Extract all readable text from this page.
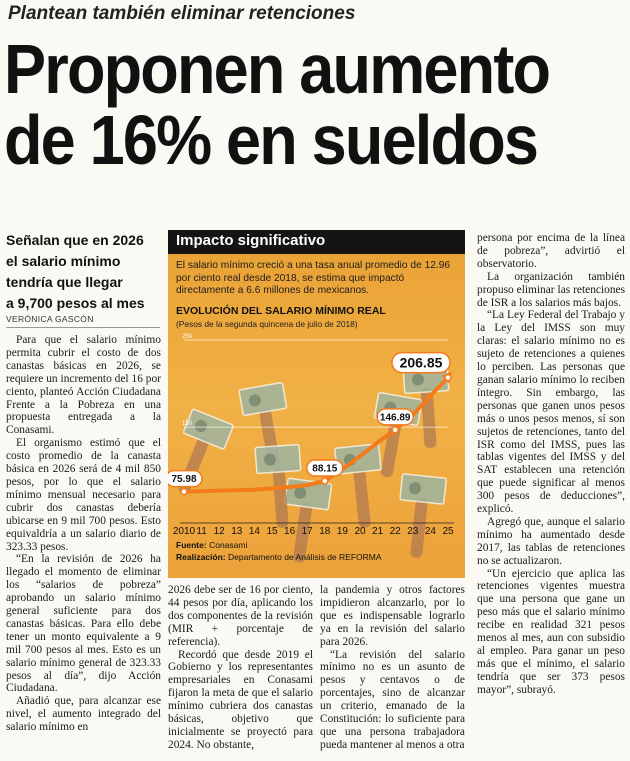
Plantean también eliminar retenciones
Proponen aumento
de 16% en sueldos
Señalan que en 2026
el salario mínimo
tendría que llegar
a 9,700 pesos al mes
VERÓNICA GASCÓN

Para que el salario mínimo permita cubrir el costo de dos canastas básicas en 2026, se requiere un incremento del 16 por ciento, planteó Acción Ciudadana Frente a la Pobreza en una propuesta entregada a la Conasami.

El organismo estimó que el costo promedio de la canasta básica en 2026 será de 4 mil 850 pesos, por lo que el salario mínimo mensual necesario para cubrir dos canastas debería ubicarse en 9 mil 700 pesos. Esto equivaldría a un salario diario de 323.33 pesos.

“En la revisión de 2026 ha llegado el momento de eliminar los “salarios de pobreza” aprobando un salario mínimo general suficiente para dos canastas básicas. Para ello debe tener un monto equivalente a 9 mil 700 pesos al mes. Esto es un salario mínimo general de 323.33 pesos al día”, dijo Acción Ciudadana.

Añadió que, para alcanzar ese nivel, el aumento integrado del salario mínimo en

Impacto significativo
El salario mínimo creció a una tasa anual promedio de 12.96 por ciento real desde 2018, se estima que impactó directamente a 6.6 millones de mexicanos.
EVOLUCIÓN DEL SALARIO MÍNIMO REAL
(Pesos de la segunda quincena de julio de 2018)
250
150
75.98
88.15
146.89
206.85
2010 11 12 13 14 15 16 17 18 19 20 21 22 23 24 25
Fuente: Conasami
Realización: Departamento de Análisis de REFORMA

2026 debe ser de 16 por ciento, 44 pesos por día, aplicando los dos componentes de la revisión (MIR + porcentaje de referencia).

Recordó que desde 2019 el Gobierno y los representantes empresariales en Conasami fijaron la meta de que el salario mínimo cubriera dos canastas básicas, objetivo que inicialmente se proyectó para 2024. No obstante,

la pandemia y otros factores impidieron alcanzarlo, por lo que es indispensable lograrlo ya en la revisión del salario para 2026.

“La revisión del salario mínimo no es un asunto de pesos y centavos o de porcentajes, sino de alcanzar un criterio, emanado de la Constitución: lo suficiente para que una persona trabajadora pueda mantener al menos a otra

persona por encima de la línea de pobreza”, advirtió el observatorio.

La organización también propuso eliminar las retenciones de ISR a los salarios más bajos.

“La Ley Federal del Trabajo y la Ley del IMSS son muy claras: el salario mínimo no es sujeto de retenciones a quienes lo perciben. Las personas que ganan salario mínimo lo reciben íntegro. Sin embargo, las personas que ganen unos pesos más o unos pesos menos, sí son sujetos de retenciones, tanto del ISR como del IMSS, pues las tablas vigentes del IMSS y del SAT establecen una retención que puede significar al menos 300 pesos de deducciones”, explicó.

Agregó que, aunque el salario mínimo ha aumentado desde 2017, las tablas de retenciones no se actualizaron.

“Un ejercicio que aplica las retenciones vigentes muestra que una persona que gane un peso más que el salario mínimo recibe en realidad 321 pesos menos al mes, aun con subsidio al empleo. Para ganar un peso más que el mínimo, el salario tendría que ser 373 pesos mayor”, subrayó.
